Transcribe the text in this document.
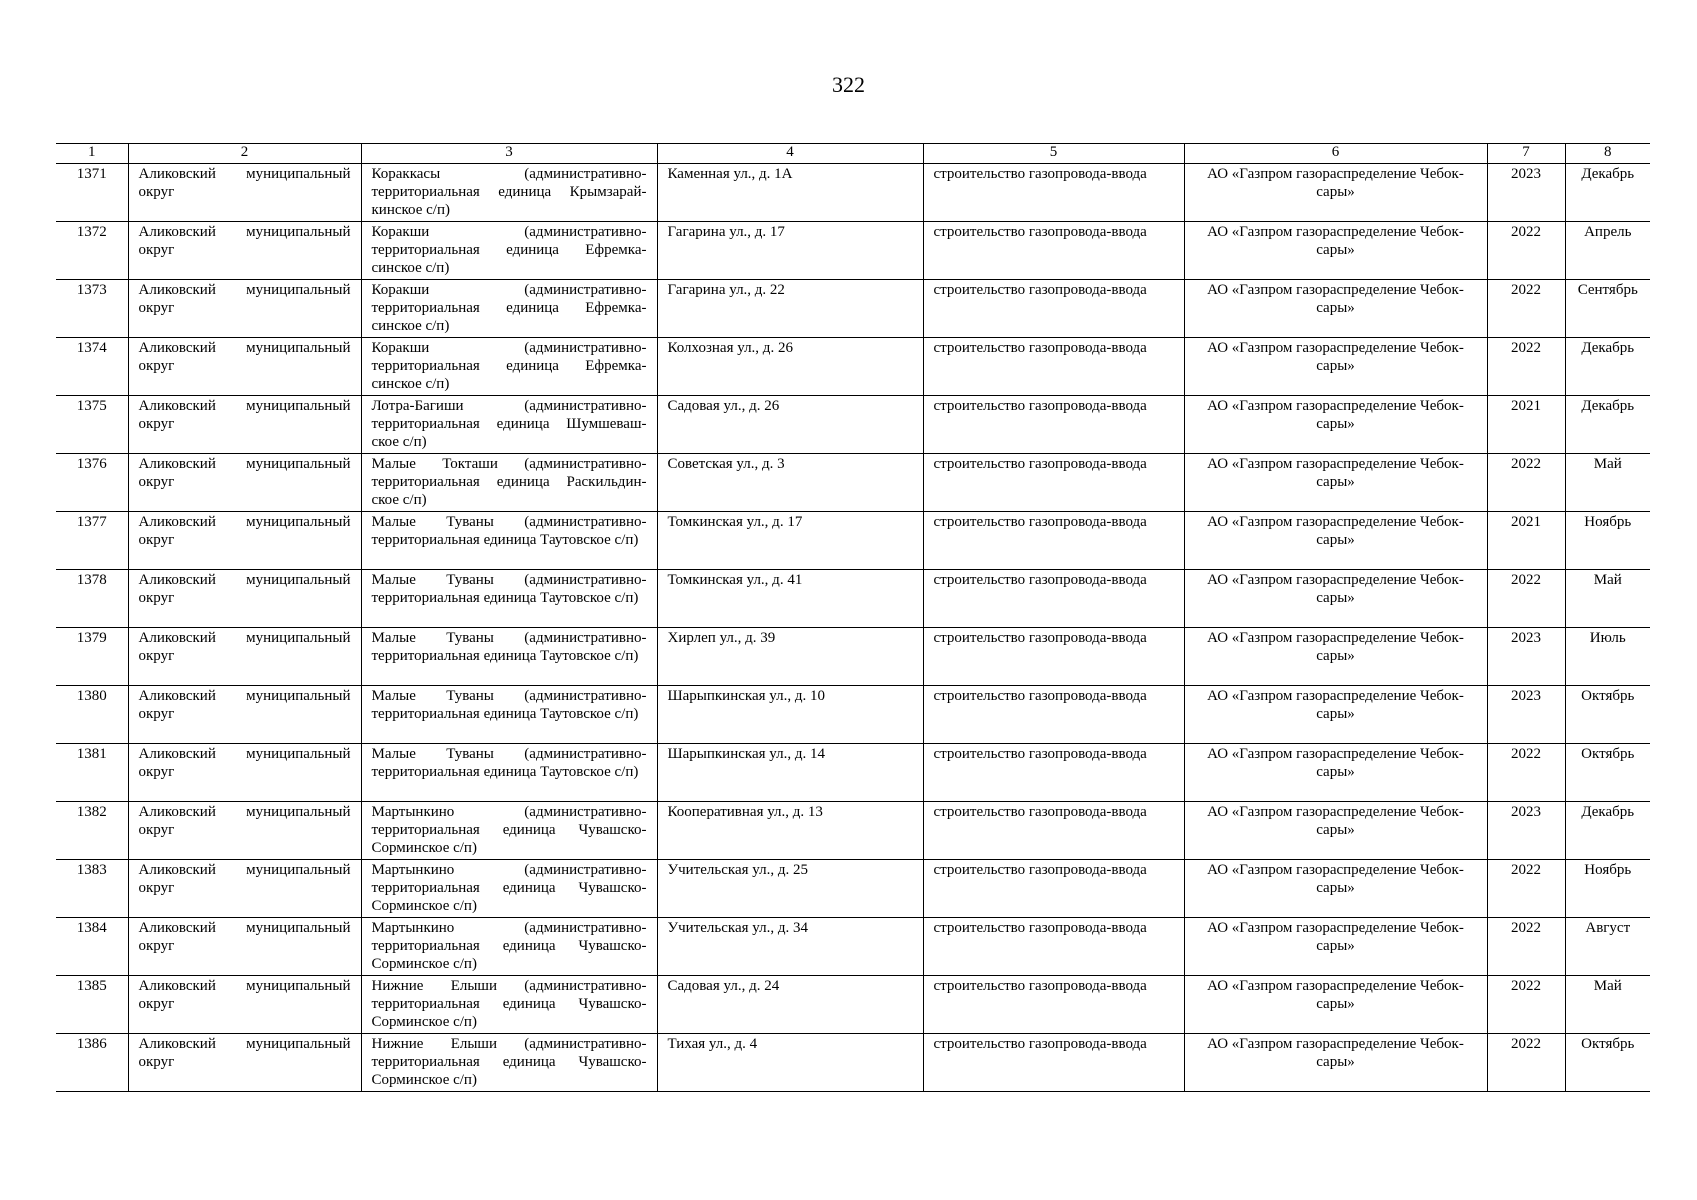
322
1	2	3	4	5	6	7	8
1371	Аликовский муниципальный округ	Кораккасы (административно-территориальная единица Крымзарай-кинское с/п)	Каменная ул., д. 1А	строительство газопровода-ввода	АО «Газпром газораспределение Чебок-сары»	2023	Декабрь
1372	Аликовский муниципальный округ	Коракши (административно-территориальная единица Ефремка-синское с/п)	Гагарина ул., д. 17	строительство газопровода-ввода	АО «Газпром газораспределение Чебок-сары»	2022	Апрель
1373	Аликовский муниципальный округ	Коракши (административно-территориальная единица Ефремка-синское с/п)	Гагарина ул., д. 22	строительство газопровода-ввода	АО «Газпром газораспределение Чебок-сары»	2022	Сентябрь
1374	Аликовский муниципальный округ	Коракши (административно-территориальная единица Ефремка-синское с/п)	Колхозная ул., д. 26	строительство газопровода-ввода	АО «Газпром газораспределение Чебок-сары»	2022	Декабрь
1375	Аликовский муниципальный округ	Лотра-Багиши (административно-территориальная единица Шумшеваш-ское с/п)	Садовая ул., д. 26	строительство газопровода-ввода	АО «Газпром газораспределение Чебок-сары»	2021	Декабрь
1376	Аликовский муниципальный округ	Малые Токташи (административно-территориальная единица Раскильдин-ское с/п)	Советская ул., д. 3	строительство газопровода-ввода	АО «Газпром газораспределение Чебок-сары»	2022	Май
1377	Аликовский муниципальный округ	Малые Туваны (административно-территориальная единица Таутовское с/п)	Томкинская ул., д. 17	строительство газопровода-ввода	АО «Газпром газораспределение Чебок-сары»	2021	Ноябрь
1378	Аликовский муниципальный округ	Малые Туваны (административно-территориальная единица Таутовское с/п)	Томкинская ул., д. 41	строительство газопровода-ввода	АО «Газпром газораспределение Чебок-сары»	2022	Май
1379	Аликовский муниципальный округ	Малые Туваны (административно-территориальная единица Таутовское с/п)	Хирлеп ул., д. 39	строительство газопровода-ввода	АО «Газпром газораспределение Чебок-сары»	2023	Июль
1380	Аликовский муниципальный округ	Малые Туваны (административно-территориальная единица Таутовское с/п)	Шарыпкинская ул., д. 10	строительство газопровода-ввода	АО «Газпром газораспределение Чебок-сары»	2023	Октябрь
1381	Аликовский муниципальный округ	Малые Туваны (административно-территориальная единица Таутовское с/п)	Шарыпкинская ул., д. 14	строительство газопровода-ввода	АО «Газпром газораспределение Чебок-сары»	2022	Октябрь
1382	Аликовский муниципальный округ	Мартынкино (административно-территориальная единица Чувашско-Сорминское с/п)	Кооперативная ул., д. 13	строительство газопровода-ввода	АО «Газпром газораспределение Чебок-сары»	2023	Декабрь
1383	Аликовский муниципальный округ	Мартынкино (административно-территориальная единица Чувашско-Сорминское с/п)	Учительская ул., д. 25	строительство газопровода-ввода	АО «Газпром газораспределение Чебок-сары»	2022	Ноябрь
1384	Аликовский муниципальный округ	Мартынкино (административно-территориальная единица Чувашско-Сорминское с/п)	Учительская ул., д. 34	строительство газопровода-ввода	АО «Газпром газораспределение Чебок-сары»	2022	Август
1385	Аликовский муниципальный округ	Нижние Елыши (административно-территориальная единица Чувашско-Сорминское с/п)	Садовая ул., д. 24	строительство газопровода-ввода	АО «Газпром газораспределение Чебок-сары»	2022	Май
1386	Аликовский муниципальный округ	Нижние Елыши (административно-территориальная единица Чувашско-Сорминское с/п)	Тихая ул., д. 4	строительство газопровода-ввода	АО «Газпром газораспределение Чебок-сары»	2022	Октябрь
